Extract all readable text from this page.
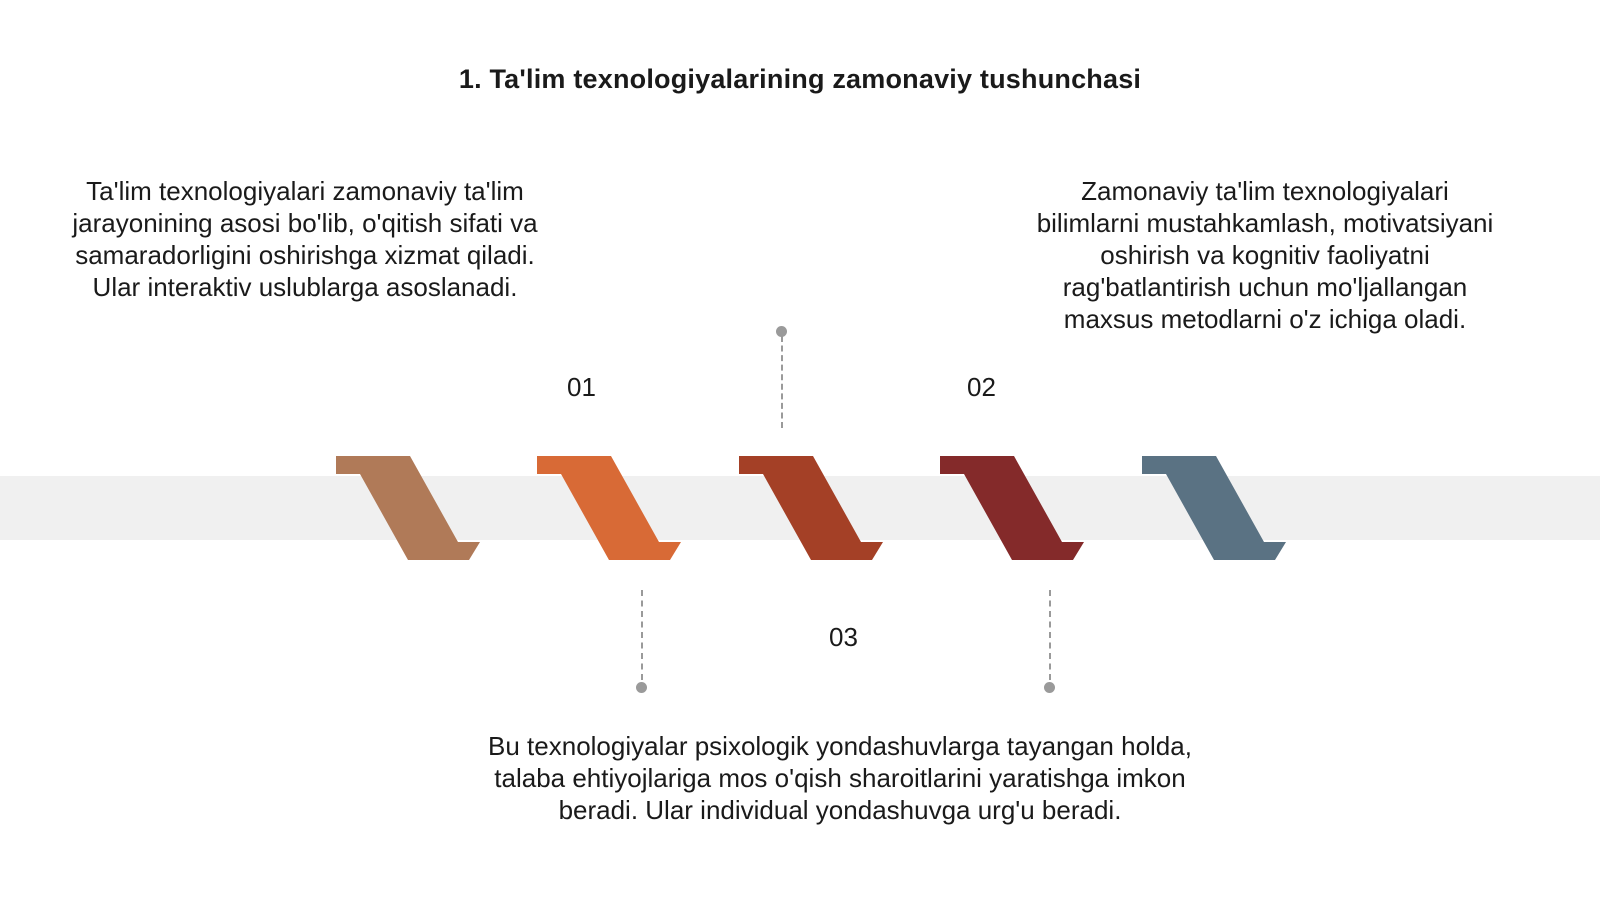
1. Ta'lim texnologiyalarining zamonaviy tushunchasi
01	02
03
Ta'lim texnologiyalari zamonaviy ta'lim jarayonining asosi bo'lib, o'qitish sifati va samaradorligini oshirishga xizmat qiladi. Ular interaktiv uslublarga asoslanadi.
Zamonaviy ta'lim texnologiyalari bilimlarni mustahkamlash, motivatsiyani oshirish va kognitiv faoliyatni rag'batlantirish uchun mo'ljallangan maxsus metodlarni o'z ichiga oladi.
Bu texnologiyalar psixologik yondashuvlarga tayangan holda, talaba ehtiyojlariga mos o'qish sharoitlarini yaratishga imkon beradi. Ular individual yondashuvga urg'u beradi.
